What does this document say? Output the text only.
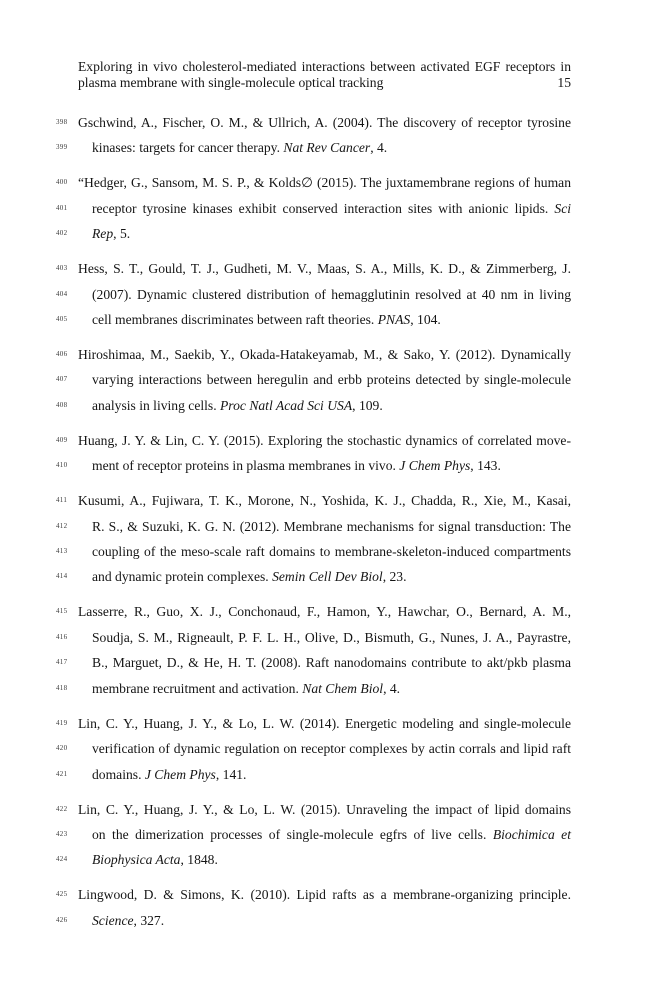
Exploring in vivo cholesterol-mediated interactions between activated EGF receptors in
plasma membrane with single-molecule optical tracking	15
398 Gschwind, A., Fischer, O. M., & Ullrich, A. (2004). The discovery of receptor tyrosine
399 kinases: targets for cancer therapy. Nat Rev Cancer, 4.
400 “Hedger, G., Sansom, M. S. P., & Kolds∅ (2015). The juxtamembrane regions of human
401 receptor tyrosine kinases exhibit conserved interaction sites with anionic lipids. Sci
402 Rep, 5.
403 Hess, S. T., Gould, T. J., Gudheti, M. V., Maas, S. A., Mills, K. D., & Zimmerberg, J.
404 (2007). Dynamic clustered distribution of hemagglutinin resolved at 40 nm in living
405 cell membranes discriminates between raft theories. PNAS, 104.
406 Hiroshimaa, M., Saekib, Y., Okada-Hatakeyamab, M., & Sako, Y. (2012). Dynamically
407 varying interactions between heregulin and erbb proteins detected by single-molecule
408 analysis in living cells. Proc Natl Acad Sci USA, 109.
409 Huang, J. Y. & Lin, C. Y. (2015). Exploring the stochastic dynamics of correlated move-
410 ment of receptor proteins in plasma membranes in vivo. J Chem Phys, 143.
411 Kusumi, A., Fujiwara, T. K., Morone, N., Yoshida, K. J., Chadda, R., Xie, M., Kasai,
412 R. S., & Suzuki, K. G. N. (2012). Membrane mechanisms for signal transduction: The
413 coupling of the meso-scale raft domains to membrane-skeleton-induced compartments
414 and dynamic protein complexes. Semin Cell Dev Biol, 23.
415 Lasserre, R., Guo, X. J., Conchonaud, F., Hamon, Y., Hawchar, O., Bernard, A. M.,
416 Soudja, S. M., Rigneault, P. F. L. H., Olive, D., Bismuth, G., Nunes, J. A., Payrastre,
417 B., Marguet, D., & He, H. T. (2008). Raft nanodomains contribute to akt/pkb plasma
418 membrane recruitment and activation. Nat Chem Biol, 4.
419 Lin, C. Y., Huang, J. Y., & Lo, L. W. (2014). Energetic modeling and single-molecule
420 verification of dynamic regulation on receptor complexes by actin corrals and lipid raft
421 domains. J Chem Phys, 141.
422 Lin, C. Y., Huang, J. Y., & Lo, L. W. (2015). Unraveling the impact of lipid domains
423 on the dimerization processes of single-molecule egfrs of live cells. Biochimica et
424 Biophysica Acta, 1848.
425 Lingwood, D. & Simons, K. (2010). Lipid rafts as a membrane-organizing principle.
426 Science, 327.
